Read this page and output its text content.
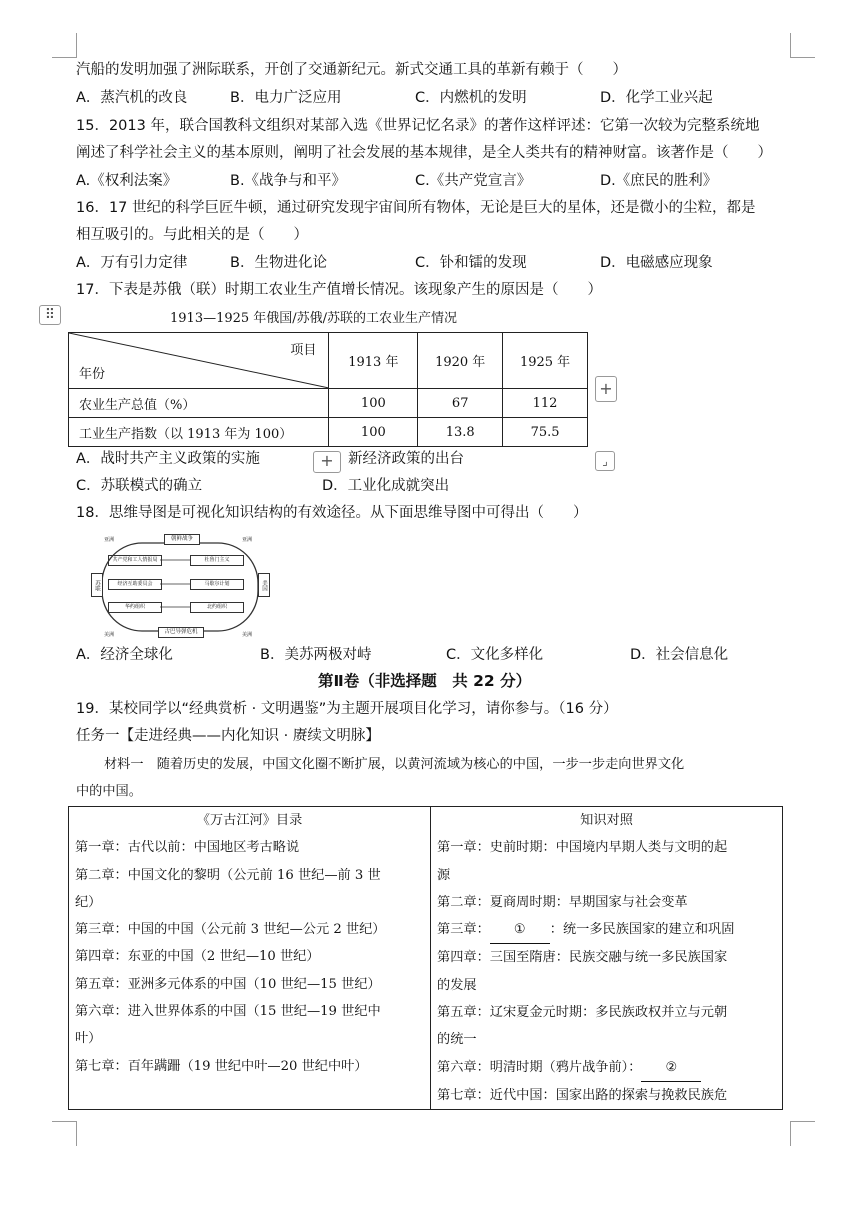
汽船的发明加强了洲际联系，开创了交通新纪元。新式交通工具的革新有赖于（　　）
A．蒸汽机的改良	B．电力广泛应用	C．内燃机的发明	D．化学工业兴起
15．2013 年，联合国教科文组织对某部入选《世界记忆名录》的著作这样评述：它第一次较为完整系统地
阐述了科学社会主义的基本原则，阐明了社会发展的基本规律，是全人类共有的精神财富。该著作是（　　）
A.《权利法案》	B.《战争与和平》	C.《共产党宣言》	D.《庶民的胜利》
16．17 世纪的科学巨匠牛顿，通过研究发现宇宙间所有物体，无论是巨大的星体，还是微小的尘粒，都是
相互吸引的。与此相关的是（　　）
A．万有引力定律	B．生物进化论	C．钋和镭的发现	D．电磁感应现象
17．下表是苏俄（联）时期工农业生产值增长情况。该现象产生的原因是（　　）
⠿	1913—1925 年俄国/苏俄/苏联的工农业生产情况
项目
年份	1913 年	1920 年	1925 年
农业生产总值（%）	100	67	112
工业生产指数（以 1913 年为 100）	100	13.8	75.5
+
+	⌟
A．战时共产主义政策的实施	新经济政策的出台
C．苏联模式的确立	D．工业化成就突出
18．思维导图是可视化知识结构的有效途径。从下面思维导图中可得出（　　）
朝鲜战争
古巴导弹危机
苏联	美国
共产党和工人情报局
经济互助委员会
华约组织
杜鲁门主义
马歇尔计划
北约组织
亚洲	亚洲
美洲	美洲
A．经济全球化	B．美苏两极对峙	C．文化多样化	D．社会信息化
第Ⅱ卷（非选择题　共 22 分）
19．某校同学以“经典赏析 · 文明遇鉴”为主题开展项目化学习，请你参与。（16 分）
任务一【走进经典——内化知识 · 赓续文明脉】
材料一　随着历史的发展，中国文化圈不断扩展，以黄河流域为核心的中国，一步一步走向世界文化
中的中国。
《万古江河》目录
第一章：古代以前：中国地区考古略说
第二章：中国文化的黎明（公元前 16 世纪—前 3 世
纪）
第三章：中国的中国（公元前 3 世纪—公元 2 世纪）
第四章：东亚的中国（2 世纪—10 世纪）
第五章：亚洲多元体系的中国（10 世纪—15 世纪）
第六章：进入世界体系的中国（15 世纪—19 世纪中
叶）
第七章：百年蹒跚（19 世纪中叶—20 世纪中叶）

知识对照
第一章：史前时期：中国境内早期人类与文明的起
源
第二章：夏商周时期：早期国家与社会变革
第三章： ① ：统一多民族国家的建立和巩固
第四章：三国至隋唐：民族交融与统一多民族国家
的发展
第五章：辽宋夏金元时期：多民族政权并立与元朝
的统一
第六章：明清时期（鸦片战争前）： ②
第七章：近代中国：国家出路的探索与挽救民族危
